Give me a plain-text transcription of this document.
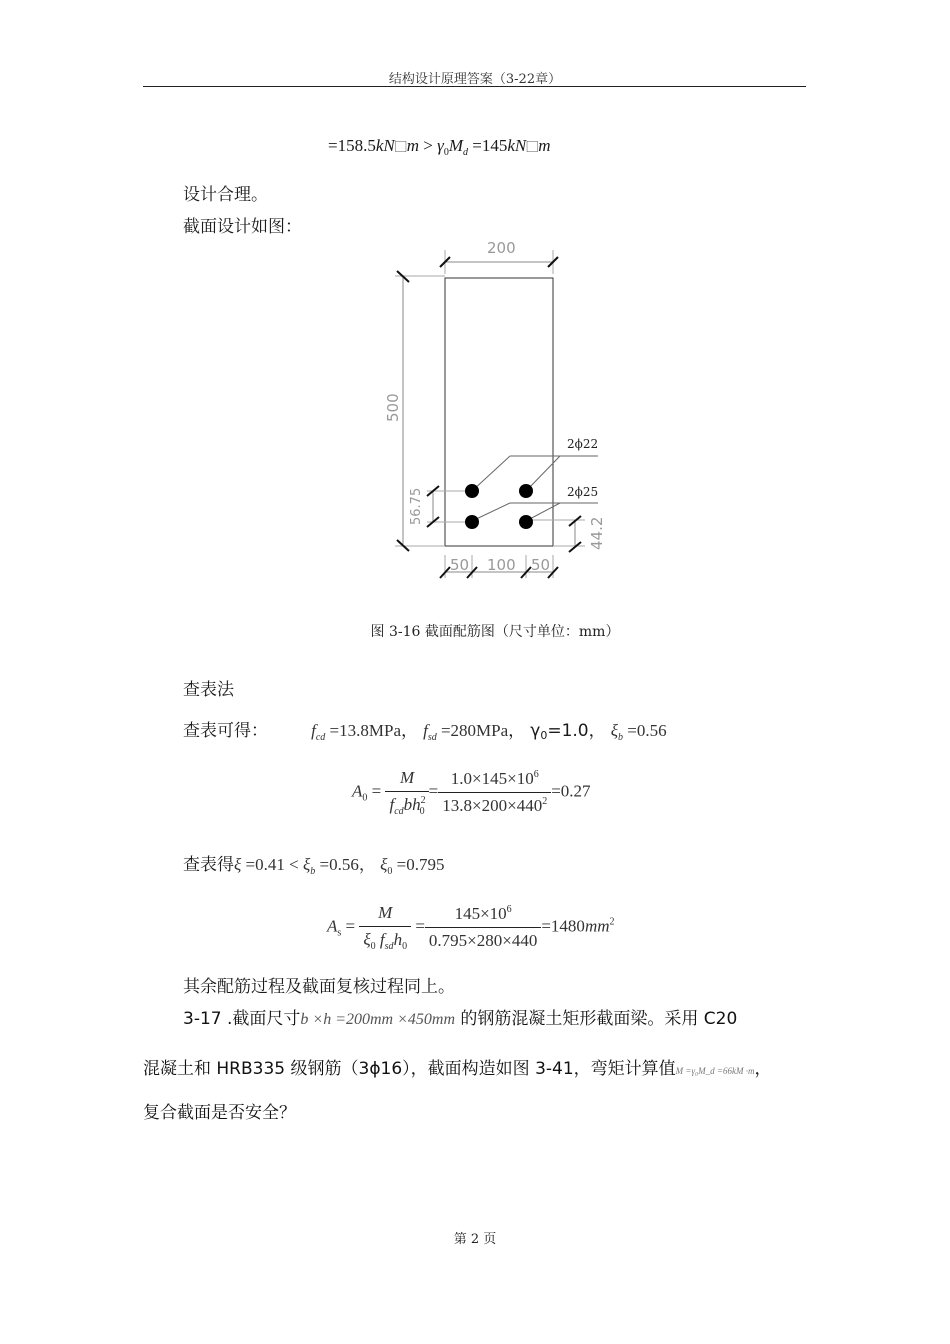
结构设计原理答案（3-22章）
=158.5kN⃞m > $\gamma_0M_d$ =145kN⃞m
设计合理。
截面设计如图：
200
500
56.75
44.2
50 100 50
2ϕ22
2ϕ25
图 3-16 截面配筋图（尺寸单位：mm）
查表法
查表可得：	$f_{cd} =13.8MPa$， $f_{sd} =280MPa$， γ0=1.0， $\xi_b =0.56$
$A_0 = \frac{M}{f_{cd}bh^2_0} = \frac{1.0\times 145\times 10^6}{13.8\times 200\times 440^2} =0.27$
查表得$\xi =0.41 < \xi_b =0.56$， $\xi_0 =0.795$
$A_s = \frac{M}{\xi_0 f_{sd}h_0} = \frac{145\times 10^6}{0.795\times 280\times 440} =1480mm^2$
其余配筋过程及截面复核过程同上。
3-17 .截面尺寸b ×h =200mm ×450mm 的钢筋混凝土矩形截面梁。采用 C20
混凝土和 HRB335 级钢筋（3ϕ16），截面构造如图 3-41，弯矩计算值M =γ₀M_d =66kM ·m，
复合截面是否安全？
第 2 页
